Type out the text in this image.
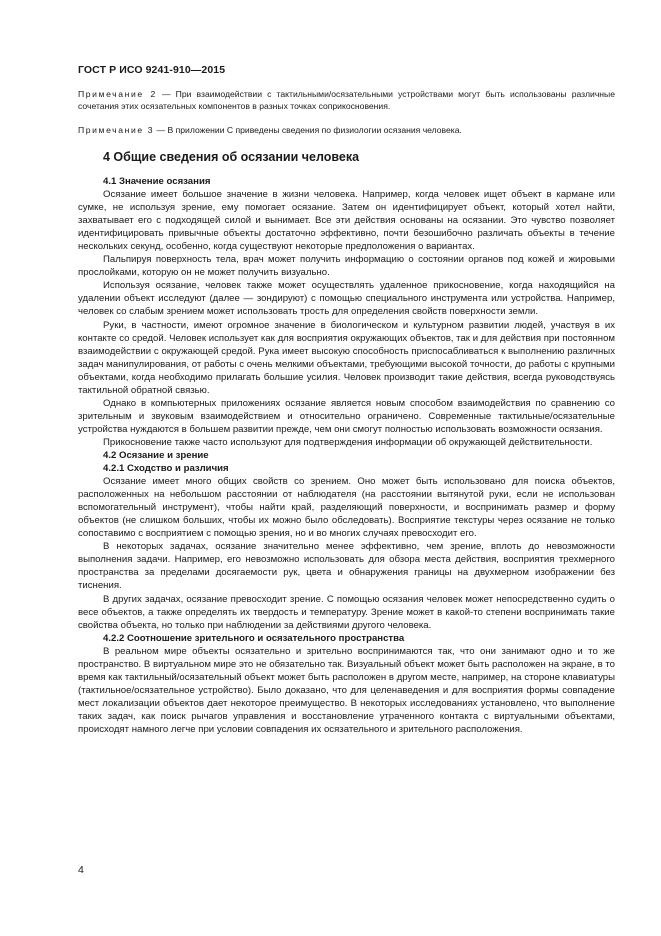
ГОСТ Р ИСО 9241-910—2015
Примечание 2 — При взаимодействии с тактильными/осязательными устройствами могут быть использованы различные сочетания этих осязательных компонентов в разных точках соприкосновения.
Примечание 3 — В приложении С приведены сведения по физиологии осязания человека.
4 Общие сведения об осязании человека
4.1 Значение осязания

Осязание имеет большое значение в жизни человека. Например, когда человек ищет объект в кармане или сумке, не используя зрение, ему помогает осязание. Затем он идентифицирует объект, который хотел найти, захватывает его с подходящей силой и вынимает. Все эти действия основаны на осязании. Это чувство позволяет идентифицировать привычные объекты достаточно эффективно, почти безошибочно различать объекты в течение нескольких секунд, особенно, когда существуют некоторые предположения о вариантах.

Пальпируя поверхность тела, врач может получить информацию о состоянии органов под кожей и жировыми прослойками, которую он не может получить визуально.

Используя осязание, человек также может осуществлять удаленное прикосновение, когда находящийся на удалении объект исследуют (далее — зондируют) с помощью специального инструмента или устройства. Например, человек со слабым зрением может использовать трость для определения свойств поверхности земли.

Руки, в частности, имеют огромное значение в биологическом и культурном развитии людей, участвуя в их контакте со средой. Человек использует как для восприятия окружающих объектов, так и для действия при постоянном взаимодействии с окружающей средой. Рука имеет высокую способность приспосабливаться к выполнению различных задач манипулирования, от работы с очень мелкими объектами, требующими высокой точности, до работы с крупными объектами, когда необходимо прилагать большие усилия. Человек производит такие действия, всегда руководствуясь тактильной обратной связью.

Однако в компьютерных приложениях осязание является новым способом взаимодействия по сравнению со зрительным и звуковым взаимодействием и относительно ограничено. Современные тактильные/осязательные устройства нуждаются в большем развитии прежде, чем они смогут полностью использовать возможности осязания.

Прикосновение также часто используют для подтверждения информации об окружающей действительности.

4.2 Осязание и зрение
4.2.1 Сходство и различия

Осязание имеет много общих свойств со зрением. Оно может быть использовано для поиска объектов, расположенных на небольшом расстоянии от наблюдателя (на расстоянии вытянутой руки, если не использован вспомогательный инструмент), чтобы найти край, разделяющий поверхности, и воспринимать размер и форму объектов (не слишком больших, чтобы их можно было обследовать). Восприятие текстуры через осязание не только сопоставимо с восприятием с помощью зрения, но и во многих случаях превосходит его.

В некоторых задачах, осязание значительно менее эффективно, чем зрение, вплоть до невозможности выполнения задачи. Например, его невозможно использовать для обзора места действия, восприятия трехмерного пространства за пределами досягаемости рук, цвета и обнаружения границы на двухмерном изображении без тиснения.

В других задачах, осязание превосходит зрение. С помощью осязания человек может непосредственно судить о весе объектов, а также определять их твердость и температуру. Зрение может в какой-то степени воспринимать такие свойства объекта, но только при наблюдении за действиями другого человека.

4.2.2 Соотношение зрительного и осязательного пространства

В реальном мире объекты осязательно и зрительно воспринимаются так, что они занимают одно и то же пространство. В виртуальном мире это не обязательно так. Визуальный объект может быть расположен на экране, в то время как тактильный/осязательный объект может быть расположен в другом месте, например, на стороне клавиатуры (тактильное/осязательное устройство). Было доказано, что для целенаведения и для восприятия формы совпадение мест локализации объектов дает некоторое преимущество. В некоторых исследованиях установлено, что выполнение таких задач, как поиск рычагов управления и восстановление утраченного контакта с виртуальными объектами, происходят намного легче при условии совпадения их осязательного и зрительного расположения.

4
